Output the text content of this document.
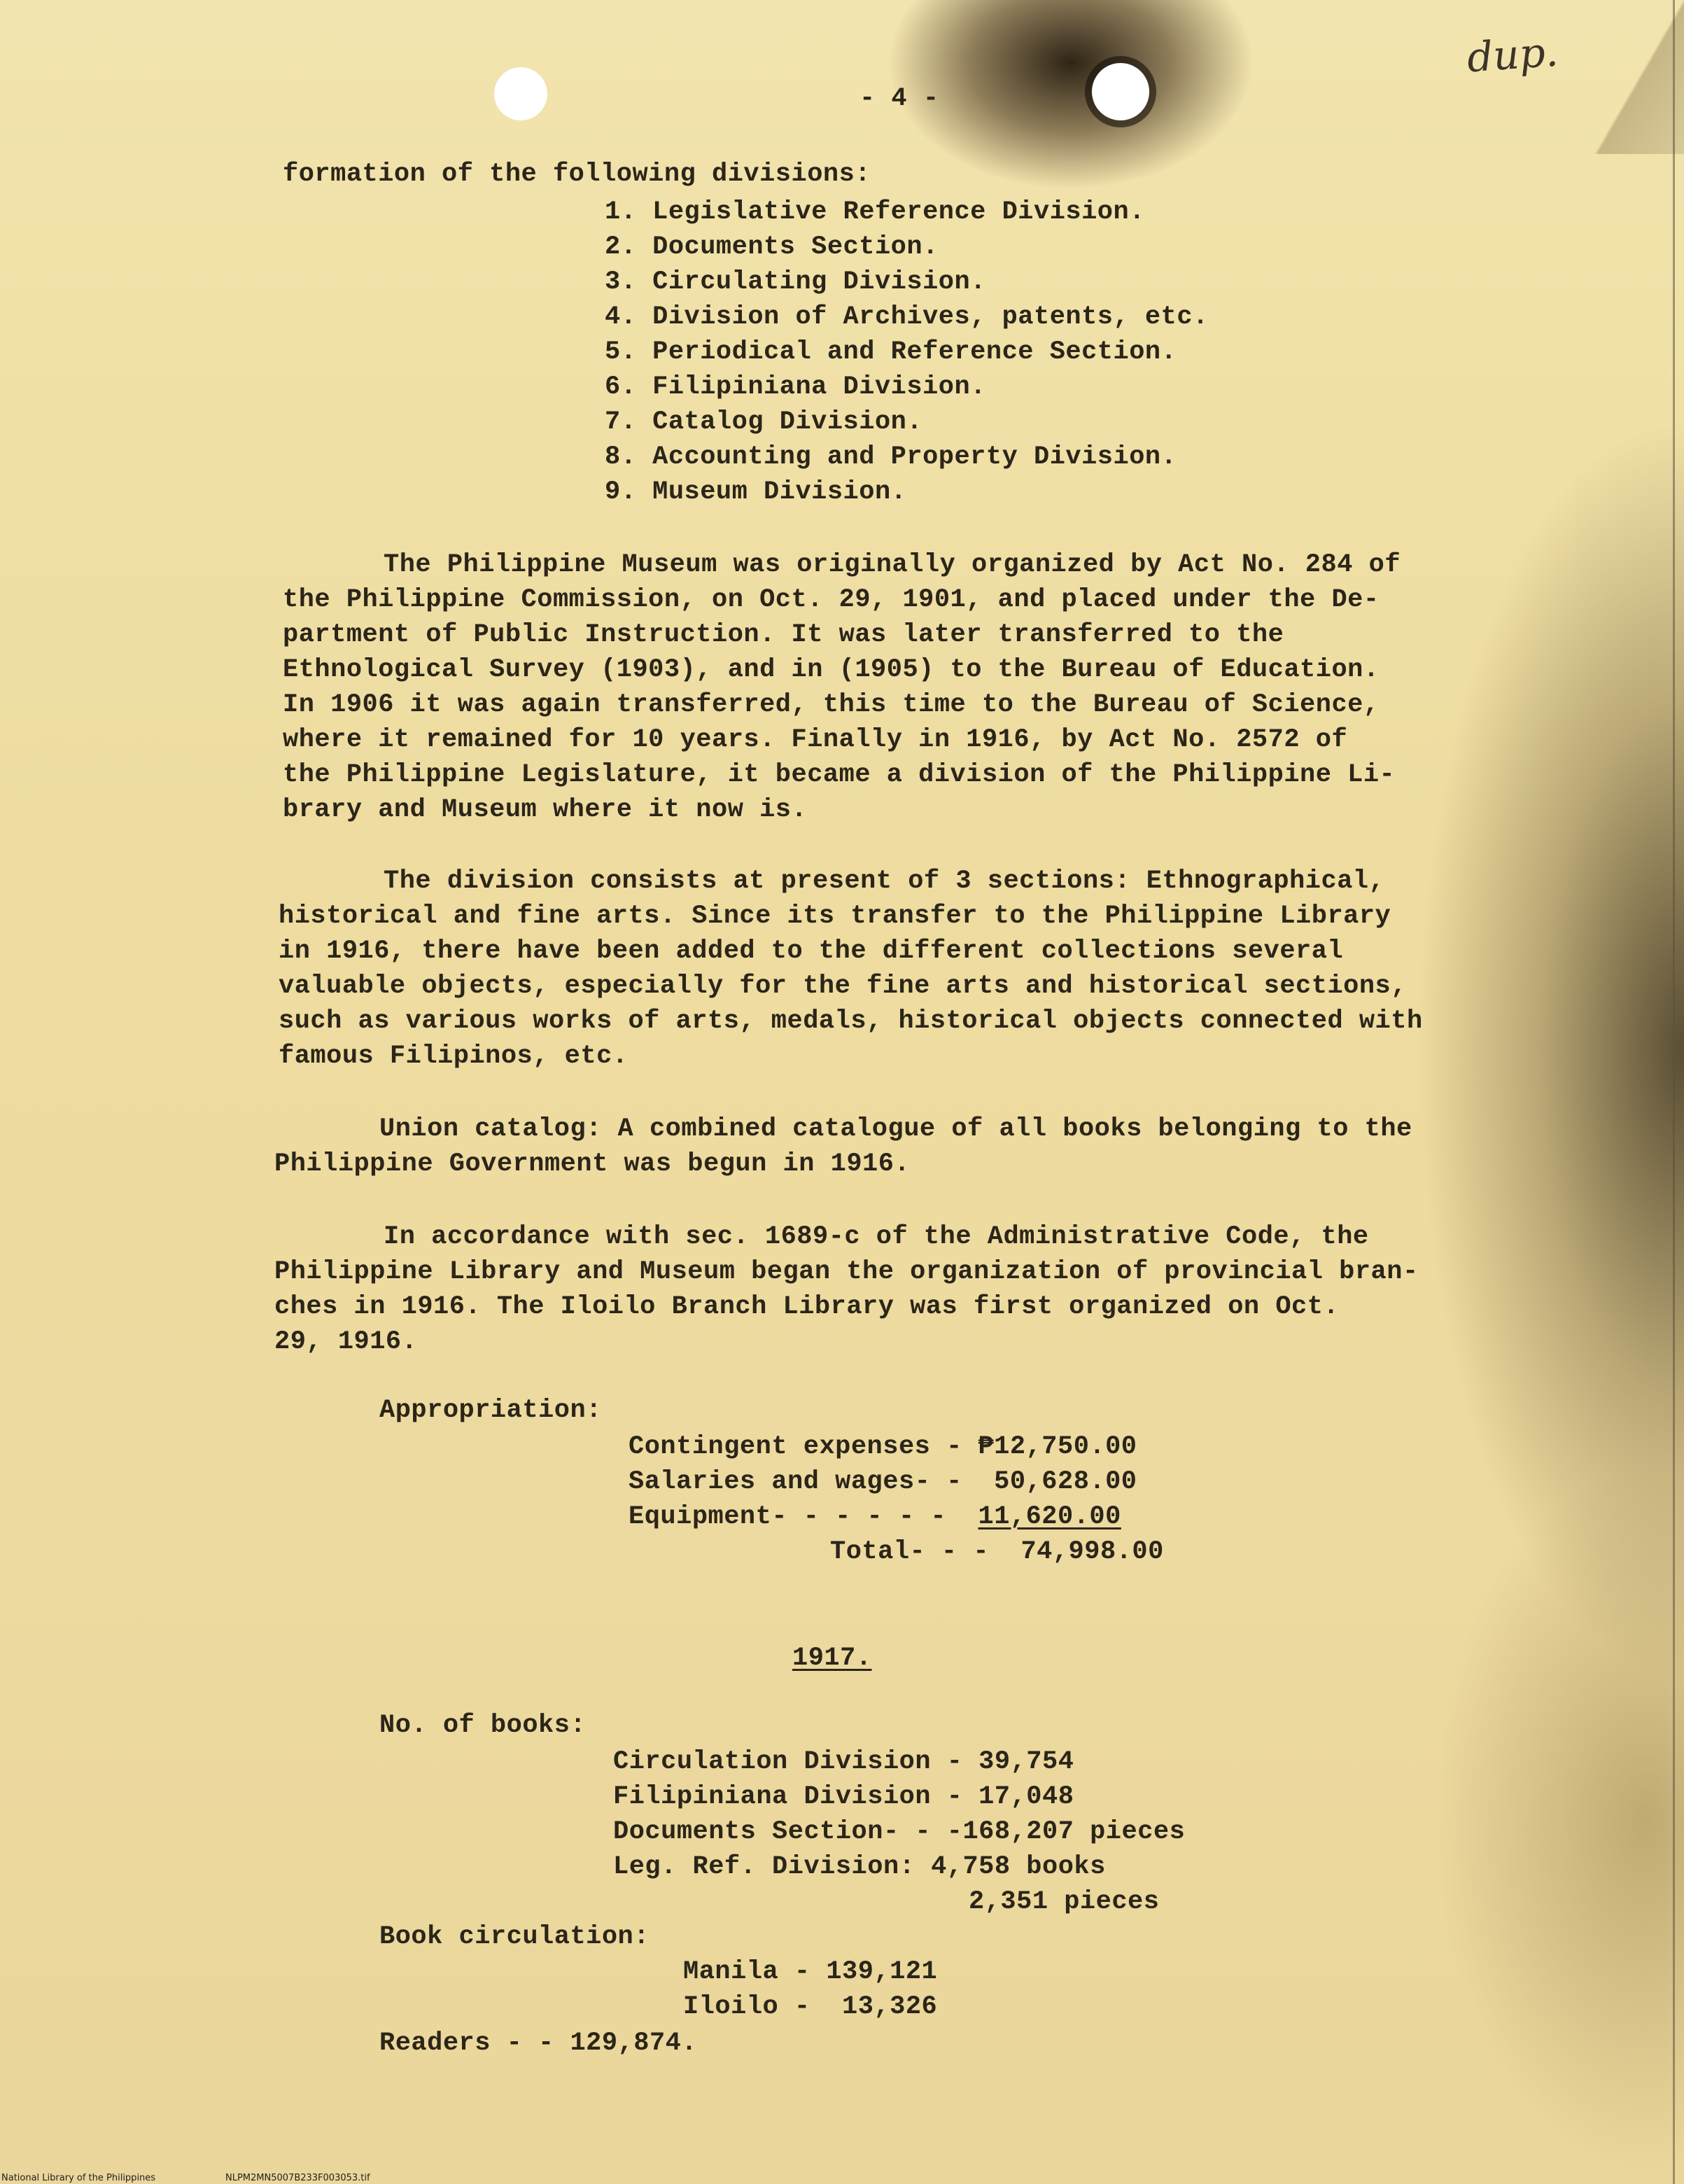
- 4 -
dup.
formation of the following divisions:
1. Legislative Reference Division.
2. Documents Section.
3. Circulating Division.
4. Division of Archives, patents, etc.
5. Periodical and Reference Section.
6. Filipiniana Division.
7. Catalog Division.
8. Accounting and Property Division.
9. Museum Division.
The Philippine Museum was originally organized by Act No. 284 of
the Philippine Commission, on Oct. 29, 1901, and placed under the De-
partment of Public Instruction. It was later transferred to the
Ethnological Survey (1903), and in (1905) to the Bureau of Education.
In 1906 it was again transferred, this time to the Bureau of Science,
where it remained for 10 years. Finally in 1916, by Act No. 2572 of
the Philippine Legislature, it became a division of the Philippine Li-
brary and Museum where it now is.
The division consists at present of 3 sections: Ethnographical,
historical and fine arts. Since its transfer to the Philippine Library
in 1916, there have been added to the different collections several
valuable objects, especially for the fine arts and historical sections,
such as various works of arts, medals, historical objects connected with
famous Filipinos, etc.
Union catalog: A combined catalogue of all books belonging to the
Philippine Government was begun in 1916.
In accordance with sec. 1689-c of the Administrative Code, the
Philippine Library and Museum began the organization of provincial bran-
ches in 1916. The Iloilo Branch Library was first organized on Oct.
29, 1916.
Appropriation:
Contingent expenses - ₱12,750.00
Salaries and wages- -  50,628.00
Equipment- - - - - -  11,620.00
Total- - -  74,998.00
1917.
No. of books:
Circulation Division - 39,754
Filipiniana Division - 17,048
Documents Section- - -168,207 pieces
Leg. Ref. Division: 4,758 books
2,351 pieces
Book circulation:
Manila - 139,121
Iloilo -  13,326
Readers - - 129,874.
National Library of the Philippines	NLPM2MN5007B233F003053.tif
